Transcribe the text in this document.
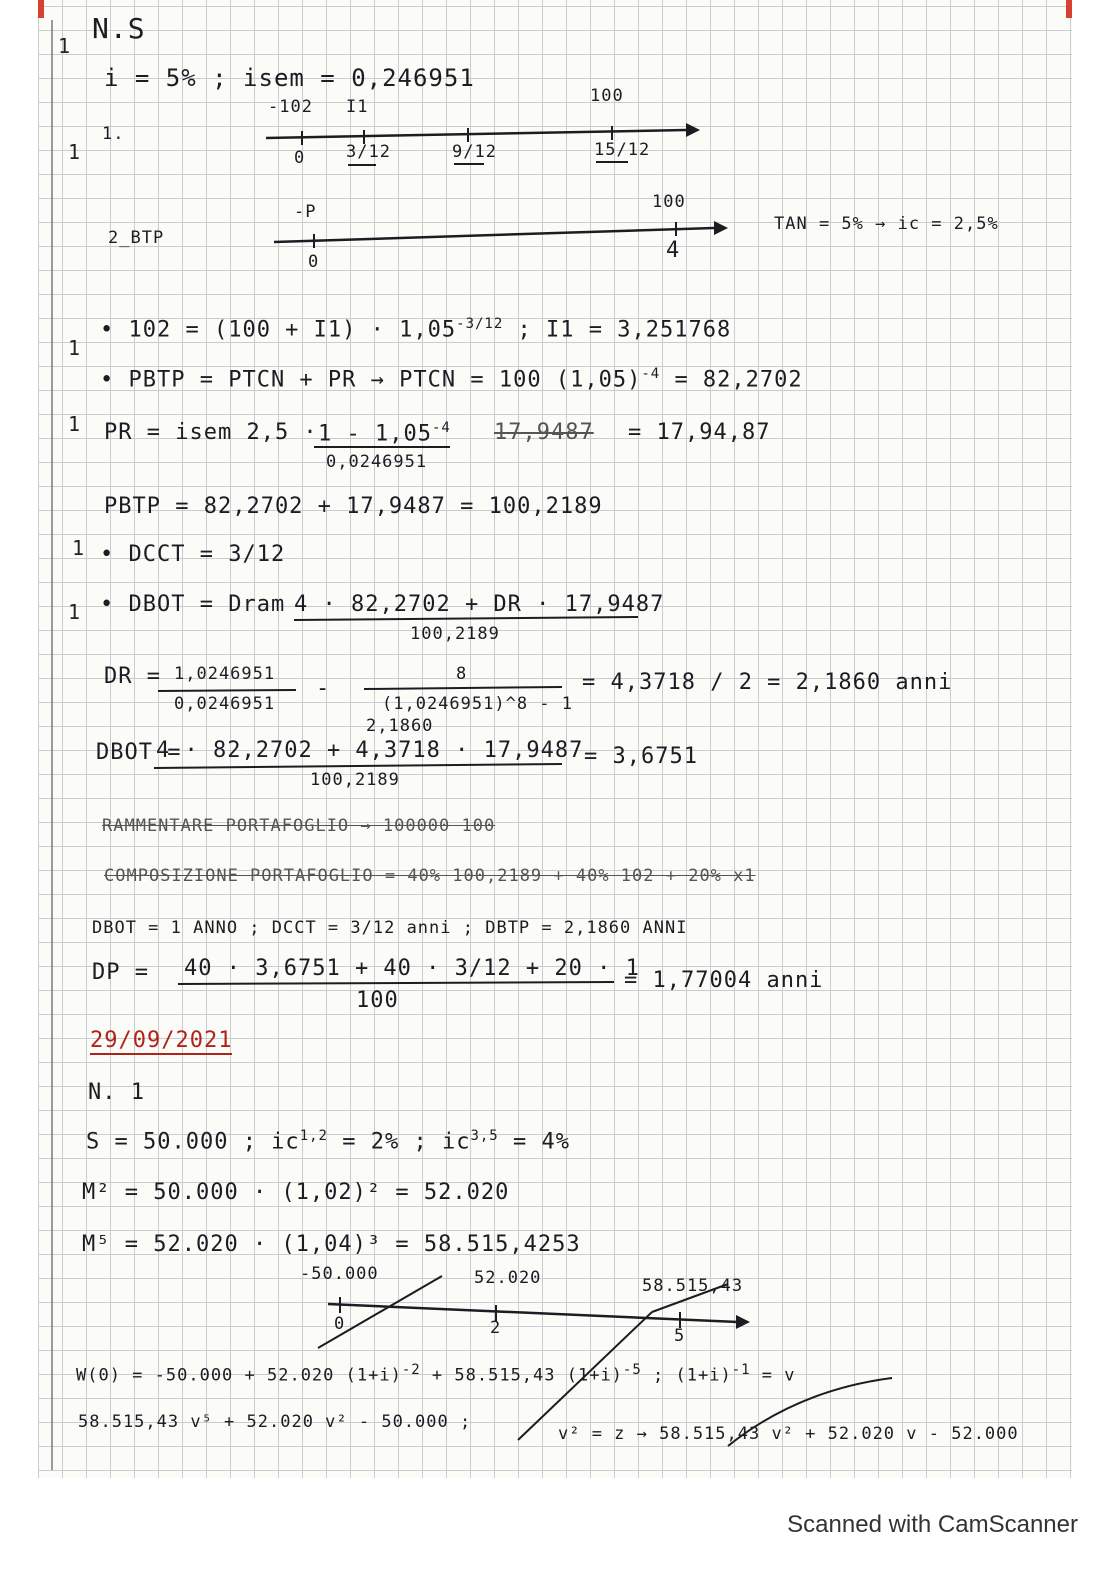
N.S
i = 5% ; isem = 0,246951
1.
-102 I1
100
0 3/12	9/12	15/12
2_BTP
-P	100
0	4
TAN = 5% → ic = 2,5%
• $102 = (100 + I1) \cdot 1,05^{-3/12}$ ; I1 = 3,251768
• PBTP = PTCN + PR → PTCN = 100 $(1,05)^{-4} = 82,2702$
PR = isem $2,5 \cdot 1 - 1,05^{-4}$
0,0246951
17,9487 = 17,94,87
PBTP = 82,2702 + 17,9487 = 100,2189
• DCCT = 3/12
• DBOT = Dram 4 · 82,2702 + DR · 17,9487
100,2189
DR = 1,0246951
0,0246951
-
8
(1,0246951)^8 - 1
= 4,3718 / 2 = 2,1860 anni
2,1860
DBOT =
4 · 82,2702 + 4,3718 · 17,9487
100,2189
= 3,6751
RAMMENTARE PORTAFOGLIO → 100000 100
COMPOSIZIONE PORTAFOGLIO = 40% 100,2189 + 40% 102 + 20% x1
DBOT = 1 ANNO ; DCCT = 3/12 anni ; DBTP = 2,1860 ANNI
DP = 40 · 3,6751 + 40 · 3/12 + 20 · 1
100
= 1,77004 anni
29/09/2021
N. 1
S = 50.000 ; ic$^{1,2}$ = 2% ; ic$^{3,5}$ = 4%
M² = 50.000 · (1,02)² = 52.020
M⁵ = 52.020 · (1,04)³ = 58.515,4253
-50.000	52.020	58.515,43
0	2	5
W(0) = -50.000 + 52.020 $(1+i)^{-2} + 58.515,43$ $(1+i)^{-5}$ ; $(1+i)^{-1} = v$
58.515,43 v⁵ + 52.020 v² - 50.000 ;
v² = z → 58.515,43 v² + 52.020 v - 52.000
1
1
1
1
1
1
Scanned with CamScanner
